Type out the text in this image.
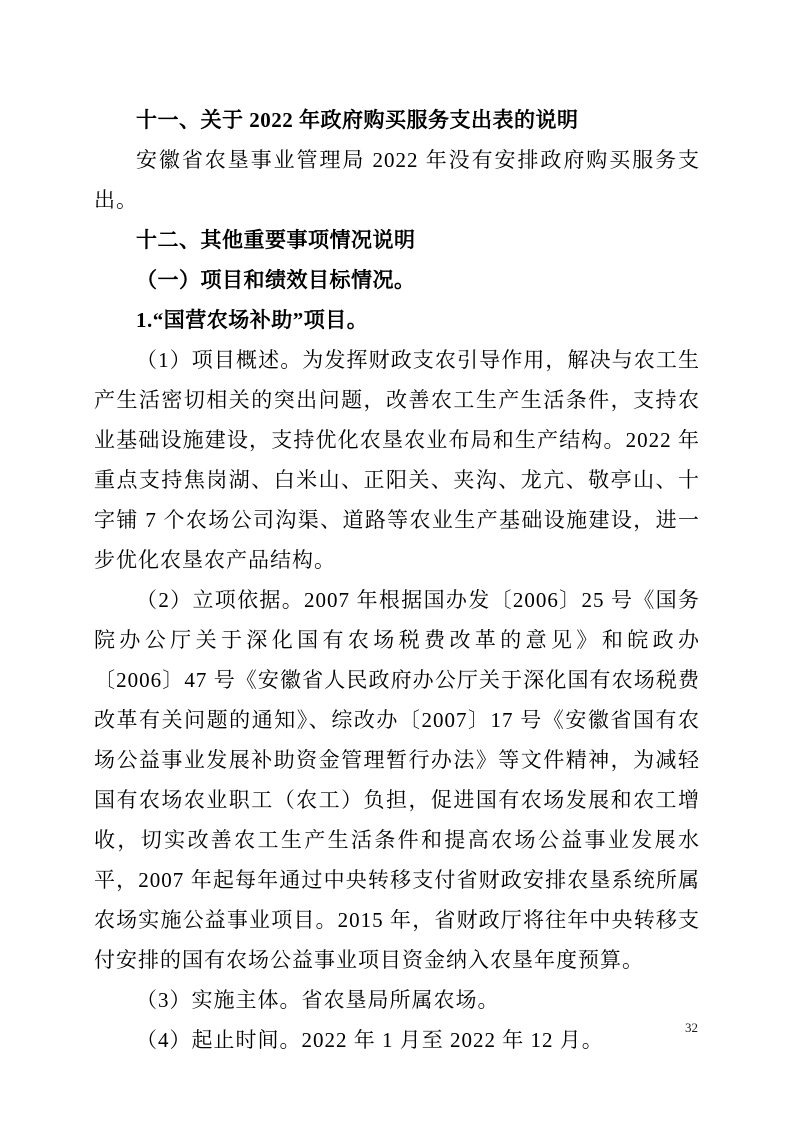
十一、关于 2022 年政府购买服务支出表的说明

安徽省农垦事业管理局 2022 年没有安排政府购买服务支出。

十二、其他重要事项情况说明

（一）项目和绩效目标情况。

1.“国营农场补助”项目。

（1）项目概述。为发挥财政支农引导作用，解决与农工生产生活密切相关的突出问题，改善农工生产生活条件，支持农业基础设施建设，支持优化农垦农业布局和生产结构。2022 年重点支持焦岗湖、白米山、正阳关、夹沟、龙亢、敬亭山、十字铺 7 个农场公司沟渠、道路等农业生产基础设施建设，进一步优化农垦农产品结构。

（2）立项依据。2007 年根据国办发〔2006〕25 号《国务院办公厅关于深化国有农场税费改革的意见》和皖政办〔2006〕47 号《安徽省人民政府办公厅关于深化国有农场税费改革有关问题的通知》、综改办〔2007〕17 号《安徽省国有农场公益事业发展补助资金管理暂行办法》等文件精神，为减轻国有农场农业职工（农工）负担，促进国有农场发展和农工增收，切实改善农工生产生活条件和提高农场公益事业发展水平，2007 年起每年通过中央转移支付省财政安排农垦系统所属农场实施公益事业项目。2015 年，省财政厅将往年中央转移支付安排的国有农场公益事业项目资金纳入农垦年度预算。

（3）实施主体。省农垦局所属农场。

（4）起止时间。2022 年 1 月至 2022 年 12 月。

32
